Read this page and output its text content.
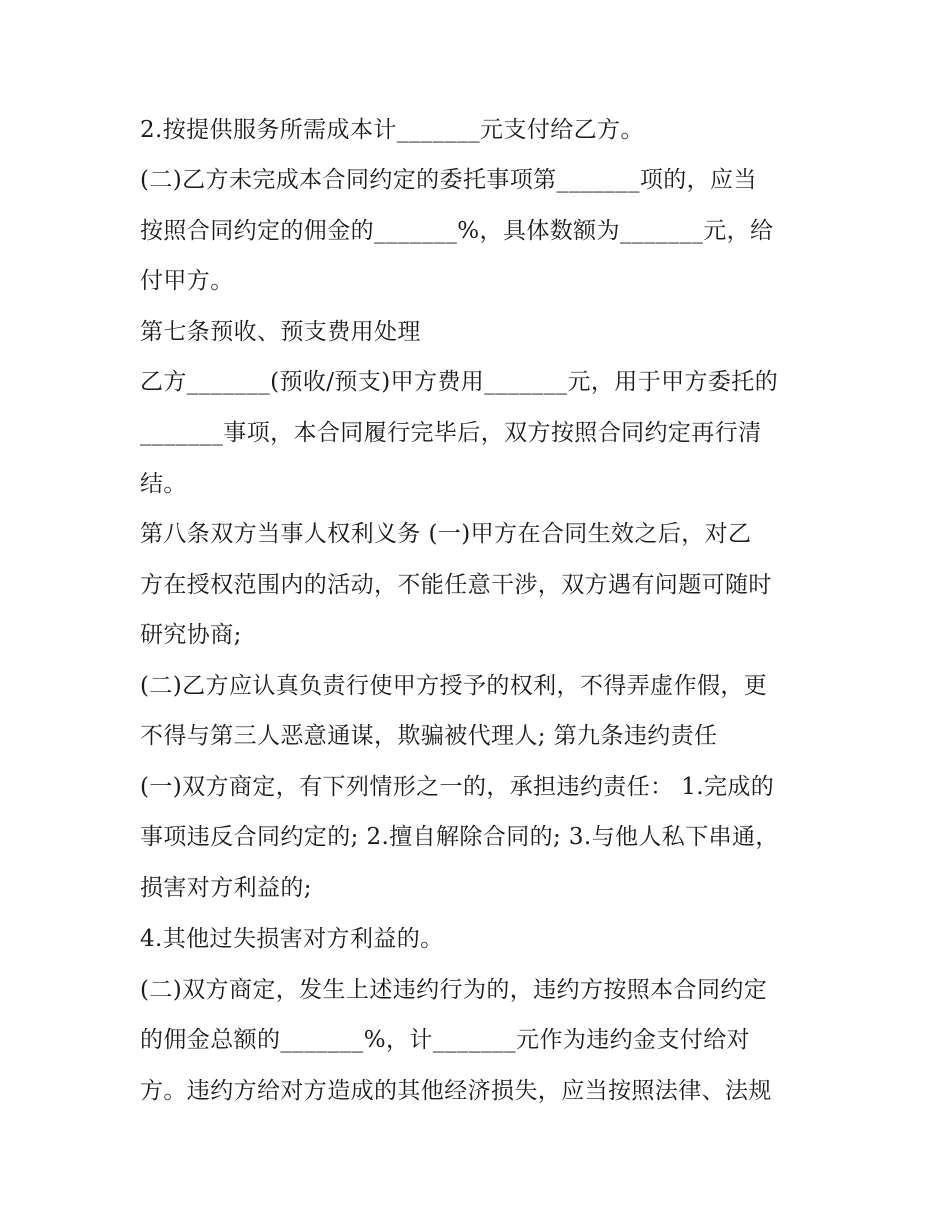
2.按提供服务所需成本计_______元支付给乙方。
(二)乙方未完成本合同约定的委托事项第_______项的，应当
按照合同约定的佣金的_______%，具体数额为_______元，给
付甲方。
第七条预收、预支费用处理
乙方_______(预收/预支)甲方费用_______元，用于甲方委托的
_______事项，本合同履行完毕后，双方按照合同约定再行清
结。
第八条双方当事人权利义务 (一)甲方在合同生效之后，对乙
方在授权范围内的活动，不能任意干涉，双方遇有问题可随时
研究协商;
(二)乙方应认真负责行使甲方授予的权利，不得弄虚作假，更
不得与第三人恶意通谋，欺骗被代理人; 第九条违约责任
(一)双方商定，有下列情形之一的，承担违约责任： 1.完成的
事项违反合同约定的; 2.擅自解除合同的; 3.与他人私下串通，
损害对方利益的;
4.其他过失损害对方利益的。
(二)双方商定，发生上述违约行为的，违约方按照本合同约定
的佣金总额的_______%，计_______元作为违约金支付给对
方。违约方给对方造成的其他经济损失，应当按照法律、法规
